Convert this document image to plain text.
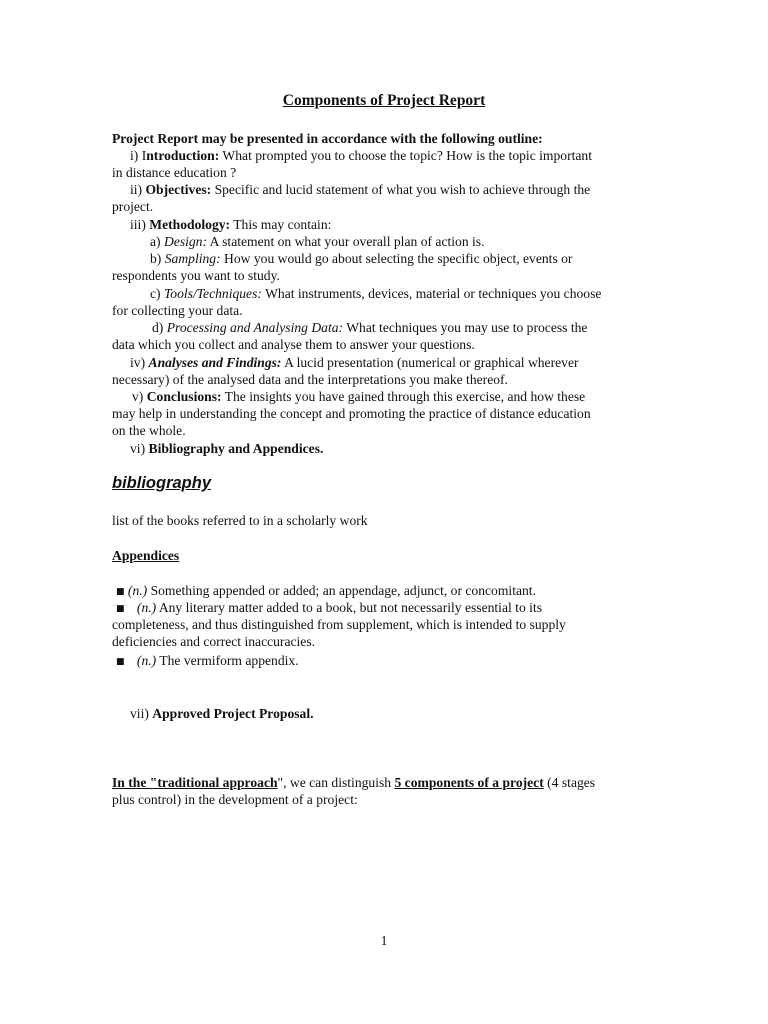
Components of Project Report
Project Report may be presented in accordance with the following outline:
i) Introduction: What prompted you to choose the topic? How is the topic important
in distance education ?
ii) Objectives: Specific and lucid statement of what you wish to achieve through the
project.
iii) Methodology: This may contain:
a) Design: A statement on what your overall plan of action is.
b) Sampling: How you would go about selecting the specific object, events or
respondents you want to study.
c) Tools/Techniques: What instruments, devices, material or techniques you choose
for collecting your data.
d) Processing and Analysing Data: What techniques you may use to process the
data which you collect and analyse them to answer your questions.
iv) Analyses and Findings: A lucid presentation (numerical or graphical wherever
necessary) of the analysed data and the interpretations you make thereof.
v) Conclusions: The insights you have gained through this exercise, and how these
may help in understanding the concept and promoting the practice of distance education
on the whole.
vi) Bibliography and Appendices.
bibliography
list of the books referred to in a scholarly work
Appendices
■ (n.) Something appended or added; an appendage, adjunct, or concomitant.
■ (n.) Any literary matter added to a book, but not necessarily essential to its
completeness, and thus distinguished from supplement, which is intended to supply
deficiencies and correct inaccuracies.
■ (n.) The vermiform appendix.
vii) Approved Project Proposal.
In the "traditional approach", we can distinguish 5 components of a project (4 stages
plus control) in the development of a project:
1
